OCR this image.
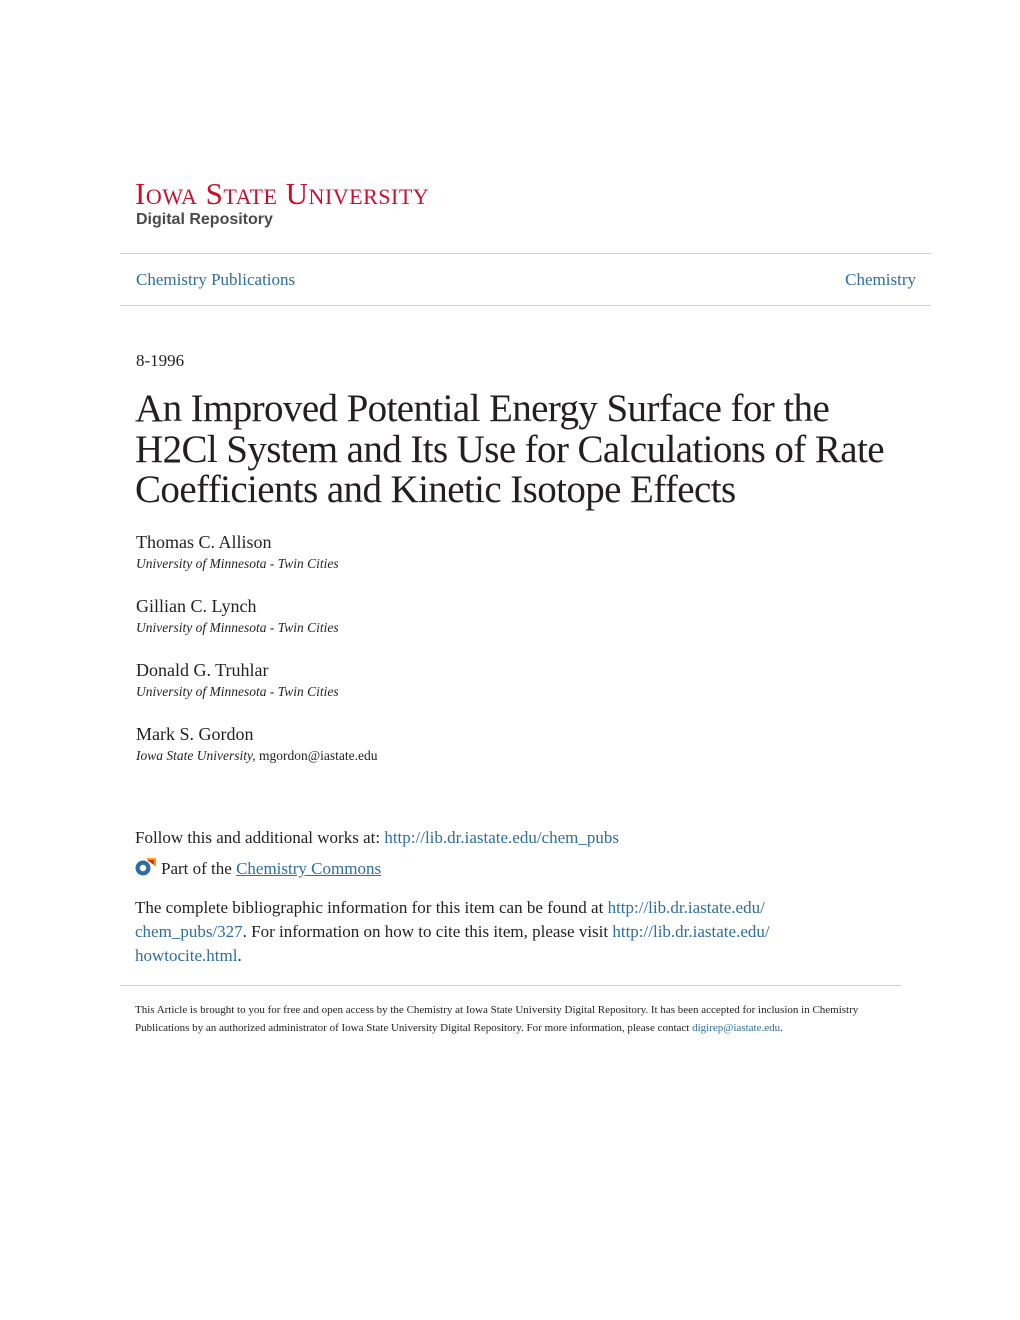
Iowa State University
Digital Repository
Chemistry Publications	Chemistry
8-1996
An Improved Potential Energy Surface for the H2Cl System and Its Use for Calculations of Rate Coefficients and Kinetic Isotope Effects
Thomas C. Allison
University of Minnesota - Twin Cities
Gillian C. Lynch
University of Minnesota - Twin Cities
Donald G. Truhlar
University of Minnesota - Twin Cities
Mark S. Gordon
Iowa State University, mgordon@iastate.edu
Follow this and additional works at: http://lib.dr.iastate.edu/chem_pubs
Part of the Chemistry Commons
The complete bibliographic information for this item can be found at http://lib.dr.iastate.edu/
chem_pubs/327. For information on how to cite this item, please visit http://lib.dr.iastate.edu/
howtocite.html.
This Article is brought to you for free and open access by the Chemistry at Iowa State University Digital Repository. It has been accepted for inclusion in Chemistry Publications by an authorized administrator of Iowa State University Digital Repository. For more information, please contact digirep@iastate.edu.
